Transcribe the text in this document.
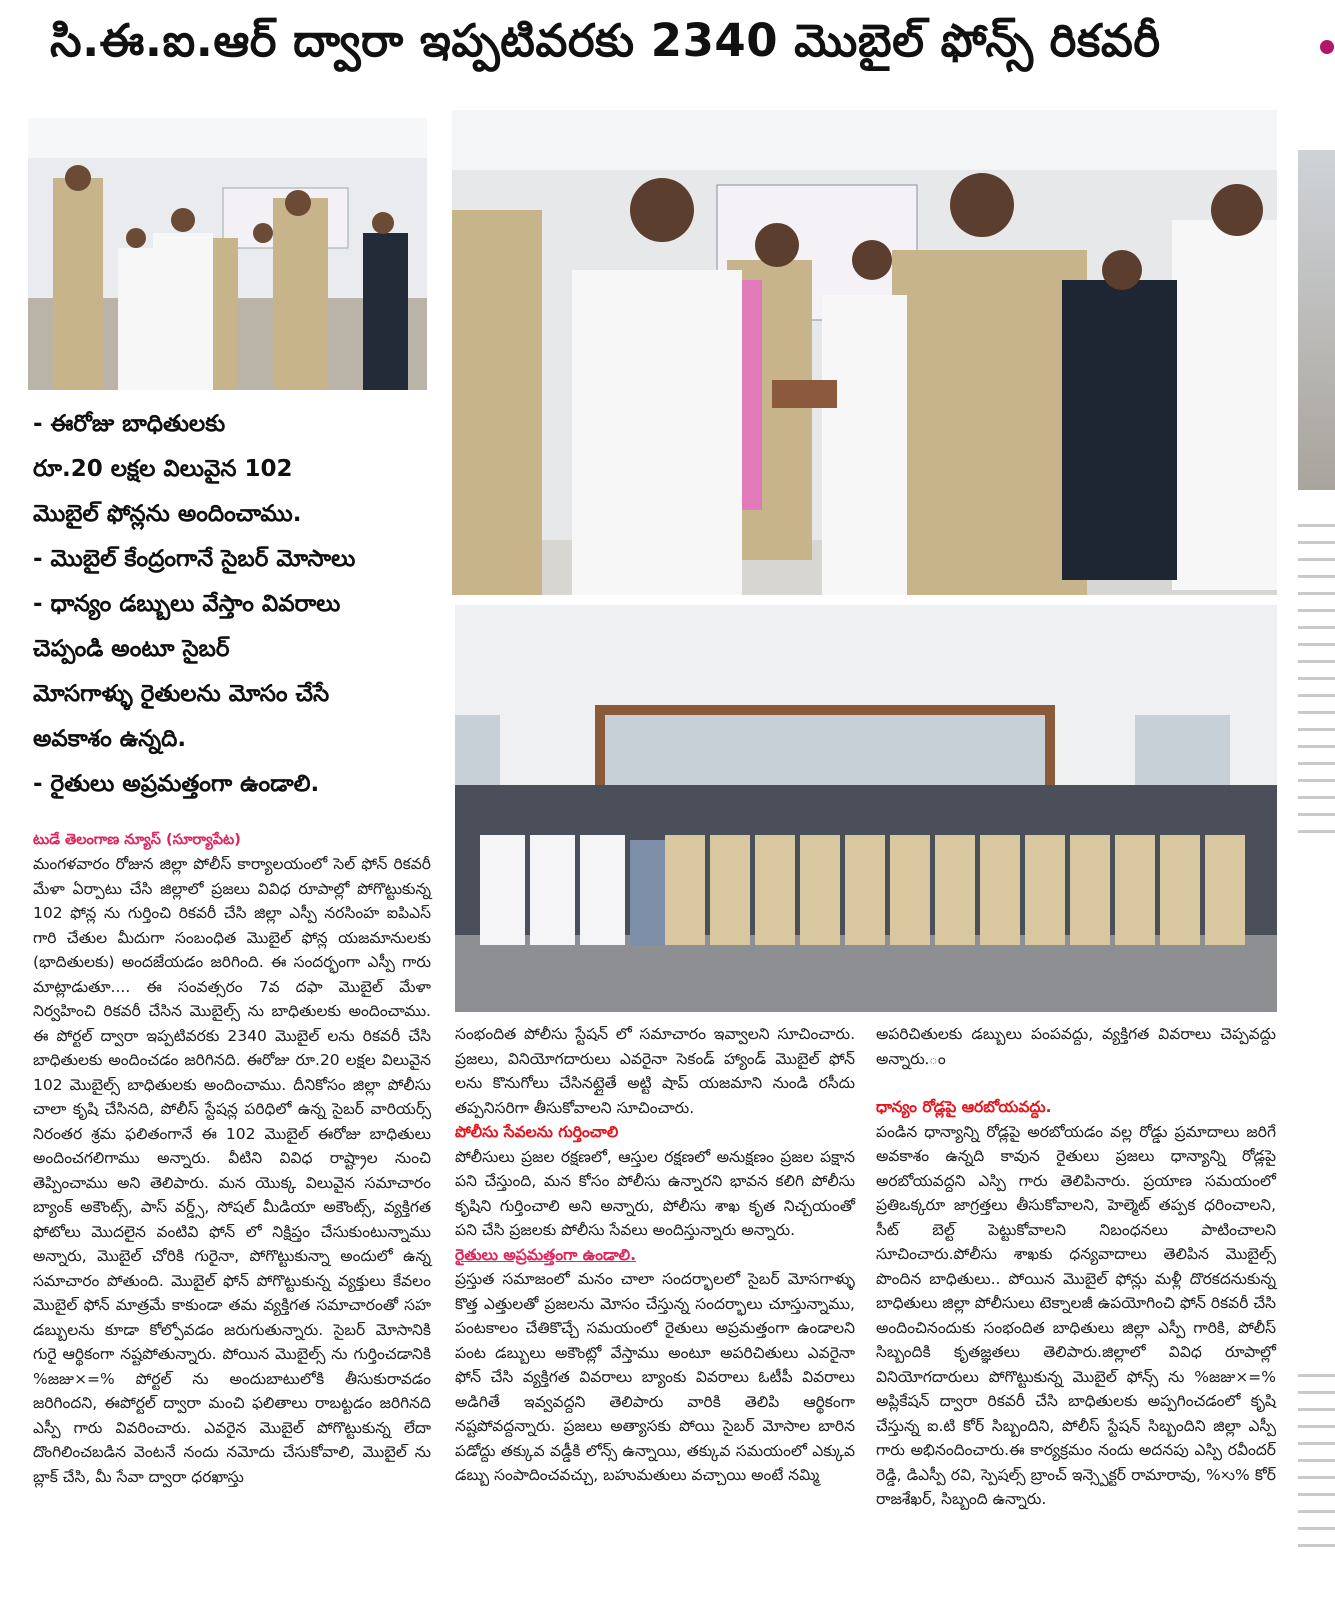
సి.ఈ.ఐ.ఆర్ ద్వారా ఇప్పటివరకు 2340 మొబైల్ ఫోన్స్ రికవరీ
- ఈరోజు బాధితులకు
రూ.20 లక్షల విలువైన 102
మొబైల్ ఫోన్లను అందించాము.
- మొబైల్ కేంద్రంగానే సైబర్ మోసాలు
- ధాన్యం డబ్బులు వేస్తాం వివరాలు
చెప్పండి అంటూ సైబర్
మోసగాళ్ళు రైతులను మోసం చేసే
అవకాశం ఉన్నది.
- రైతులు అప్రమత్తంగా ఉండాలి.
టుడే తెలంగాణ న్యూస్ (సూర్యాపేట)

మంగళవారం రోజున జిల్లా పోలీస్ కార్యాలయంలో సెల్ ఫోన్ రికవరీ మేళా ఏర్పాటు చేసి జిల్లాలో ప్రజలు వివిధ రూపాల్లో పోగొట్టుకున్న 102 ఫోన్ల ను గుర్తించి రికవరీ చేసి జిల్లా ఎస్పీ నరసింహ ఐపిఎస్ గారి చేతుల మీదుగా సంబంధిత మొబైల్ ఫోన్ల యజమానులకు (భాదితులకు) అందజేయడం జరిగింది. ఈ సందర్భంగా ఎస్పీ గారు మాట్లాడుతూ.... ఈ సంవత్సరం 7వ దఫా మొబైల్ మేళా నిర్వహించి రికవరీ చేసిన మొబైల్స్ ను బాధితులకు అందించాము. ఈ పోర్టల్ ద్వారా ఇప్పటివరకు 2340 మొబైల్ లను రికవరీ చేసి బాధితులకు అందించడం జరిగినది. ఈరోజు రూ.20 లక్షల విలువైన 102 మొబైల్స్ బాధితులకు అందించాము. దీనికోసం జిల్లా పోలీసు చాలా కృషి చేసినది, పోలీస్ స్టేషన్ల పరిధిలో ఉన్న సైబర్ వారియర్స్ నిరంతర శ్రమ ఫలితంగానే ఈ 102 మొబైల్ ఈరోజు బాధితులు అందించగలిగాము అన్నారు. వీటిని వివిధ రాష్ట్రాల నుంచి తెప్పించాము అని తెలిపారు. మన యొక్క విలువైన సమాచారం బ్యాంక్ అకౌంట్స్, పాస్ వర్డ్స్, సోషల్ మీడియా అకౌంట్స్, వ్యక్తిగత ఫోటోలు మొదలైన వంటివి ఫోన్ లో నిక్షిప్తం చేసుకుంటున్నాము అన్నారు, మొబైల్ చోరికి గురైనా, పోగొట్టుకున్నా అందులో ఉన్న సమాచారం పోతుంది. మొబైల్ ఫోన్ పోగొట్టుకున్న వ్యక్తులు కేవలం మొబైల్ ఫోన్ మాత్రమే కాకుండా తమ వ్యక్తిగత సమాచారంతో సహ డబ్బులను కూడా కోల్పోవడం జరుగుతున్నారు. సైబర్ మోసానికి గురై ఆర్థికంగా నష్టపోతున్నారు. పోయిన మొబైల్స్ ను గుర్తించడానికి %జజు×=% పోర్టల్ ను అందుబాటులోకి తీసుకురావడం జరిగిందని, ఈపోర్టల్ ద్వారా మంచి ఫలితాలు రాబట్టడం జరిగినది ఎస్పీ గారు వివరించారు. ఎవరైన మొబైల్ పోగొట్టుకున్న లేదా దొంగిలించబడిన వెంటనే నందు నమోదు చేసుకోవాలి, మొబైల్ ను బ్లాక్ చేసి, మీ సేవా ద్వారా ధరఖాస్తు

సంభందిత పోలీసు స్టేషన్ లో సమాచారం ఇవ్వాలని సూచించారు. ప్రజలు, వినియోగదారులు ఎవరైనా సెకండ్ హ్యాండ్ మొబైల్ ఫోన్ లను కొనుగోలు చేసినట్లైతే అట్టి షాప్ యజమాని నుండి రసీదు తప్పనిసరిగా తీసుకోవాలని సూచించారు.

పోలీసు సేవలను గుర్తించాలి

పోలీసులు ప్రజల రక్షణలో, ఆస్తుల రక్షణలో అనుక్షణం ప్రజల పక్షాన పని చేస్తుంది, మన కోసం పోలీసు ఉన్నారని భావన కలిగి పోలీసు కృషిని గుర్తించాలి అని అన్నారు, పోలీసు శాఖ కృత నిచ్చయంతో పని చేసి ప్రజలకు పోలీసు సేవలు అందిస్తున్నారు అన్నారు.

రైతులు అప్రమత్తంగా ఉండాలి.

ప్రస్తుత సమాజంలో మనం చాలా సందర్భాలలో సైబర్ మోసగాళ్ళు కొత్త ఎత్తులతో ప్రజలను మోసం చేస్తున్న సందర్భాలు చూస్తున్నాము, పంటకాలం చేతికొచ్చే సమయంలో రైతులు అప్రమత్తంగా ఉండాలని పంట డబ్బులు అకౌంట్లో వేస్తాము అంటూ అపరిచితులు ఎవరైనా ఫోన్ చేసి వ్యక్తిగత వివరాలు బ్యాంకు వివరాలు ఓటీపీ వివరాలు అడిగితే ఇవ్వవద్దని తెలిపారు వారికి తెలిపి ఆర్థికంగా నష్టపోవద్దన్నారు. ప్రజలు అత్యాసకు పోయి సైబర్ మోసాల బారిన పడోద్దు తక్కువ వడ్డీకి లోన్స్ ఉన్నాయి, తక్కువ సమయంలో ఎక్కువ డబ్బు సంపాదించవచ్చు, బహుమతులు వచ్చాయి అంటే నమ్మి

అపరిచితులకు డబ్బులు పంపవద్దు, వ్యక్తిగత వివరాలు చెప్పవద్దు అన్నారు.ం

ధాన్యం రోడ్లపై ఆరబోయవద్దు.

పండిన ధాన్యాన్ని రోడ్లపై అరబోయడం వల్ల రోడ్డు ప్రమాదాలు జరిగే అవకాశం ఉన్నది కావున రైతులు ప్రజలు ధాన్యాన్ని రోడ్లపై అరబోయవద్దని ఎస్పి గారు తెలిపినారు. ప్రయాణ సమయంలో ప్రతిఒక్కరూ జాగ్రత్తలు తీసుకోవాలని, హెల్మెట్ తప్పక ధరించాలని, సీట్ బెల్ట్ పెట్టుకోవాలని నిబంధనలు పాటించాలని సూచించారు.పోలీసు శాఖకు ధన్యవాదాలు తెలిపిన మొబైల్స్ పొందిన బాధితులు.. పోయిన మొబైల్ ఫోన్లు మళ్లీ దొరకదనుకున్న బాధితులు జిల్లా పోలీసులు టెక్నాలజీ ఉపయోగించి ఫోన్ రికవరీ చేసి అందించినందుకు సంభందిత బాధితులు జిల్లా ఎస్పీ గారికి, పోలీస్ సిబ్బందికి కృతజ్ఞతలు తెలిపారు.జిల్లాలో వివిధ రూపాల్లో వినియోగదారులు పోగొట్టుకున్న మొబైల్ ఫోన్స్ ను %జజు×=% అప్లికేషన్ ద్వారా రికవరీ చేసి బాధితులకు అప్పగించడంలో కృషి చేస్తున్న ఐ.టి కోర్ సిబ్బందిని, పోలీస్ స్టేషన్ సిబ్బందిని జిల్లా ఎస్పీ గారు అభినందించారు.ఈ కార్యక్రమం నందు అదనపు ఎస్పి రవీందర్ రెడ్డి, డిఎస్పీ రవి, స్పెషల్స్ బ్రాంచ్ ఇన్స్పెక్టర్ రామారావు, %×ు% కోర్ రాజశేఖర్, సిబ్బంది ఉన్నారు.
